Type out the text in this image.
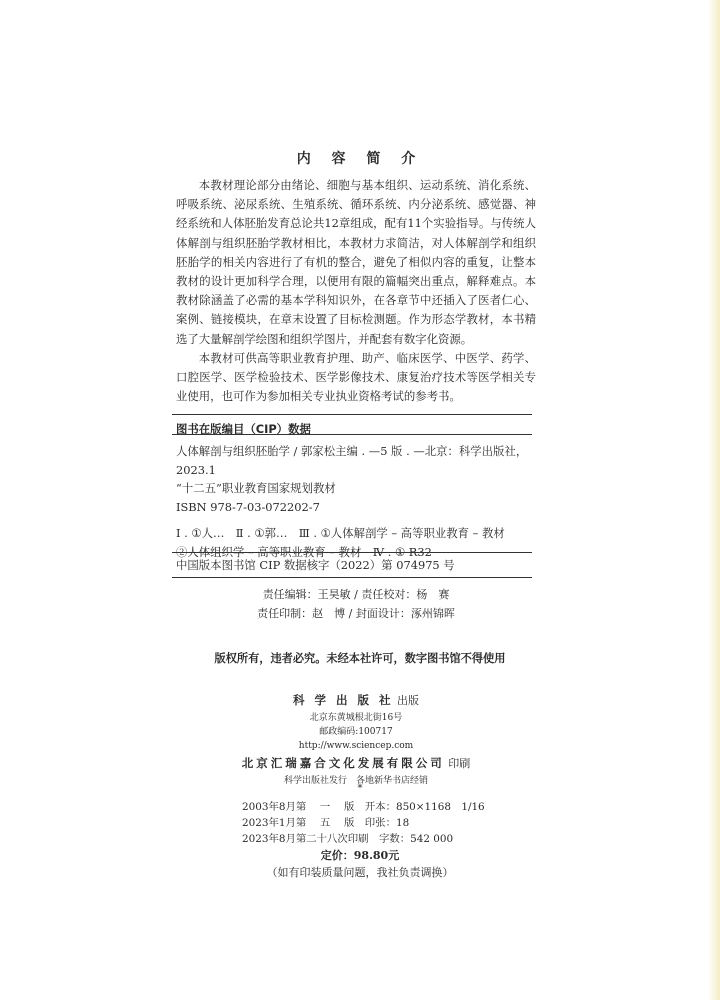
内 容 简 介

本教材理论部分由绪论、细胞与基本组织、运动系统、消化系统、呼吸系统、泌尿系统、生殖系统、循环系统、内分泌系统、感觉器、神经系统和人体胚胎发育总论共12章组成，配有11个实验指导。与传统人体解剖与组织胚胎学教材相比，本教材力求简洁，对人体解剖学和组织胚胎学的相关内容进行了有机的整合，避免了相似内容的重复，让整本教材的设计更加科学合理，以便用有限的篇幅突出重点，解释难点。本教材除涵盖了必需的基本学科知识外，在各章节中还插入了医者仁心、案例、链接模块，在章末设置了目标检测题。作为形态学教材，本书精选了大量解剖学绘图和组织学图片，并配套有数字化资源。

本教材可供高等职业教育护理、助产、临床医学、中医学、药学、口腔医学、医学检验技术、医学影像技术、康复治疗技术等医学相关专业使用，也可作为参加相关专业执业资格考试的参考书。

图书在版编目（CIP）数据
人体解剖与组织胚胎学 / 郭家松主编 . —5 版 . —北京：科学出版社，
2023.1
“十二五”职业教育国家规划教材
ISBN 978-7-03-072202-7
Ⅰ . ①人…　Ⅱ . ①郭…　Ⅲ . ①人体解剖学 – 高等职业教育 – 教材
②人体组织学 – 高等职业教育 – 教材　Ⅳ . ① R32
中国版本图书馆 CIP 数据核字（2022）第 074975 号
责任编辑：王昊敏 / 责任校对：杨　赛
责任印制：赵　博 / 封面设计：涿州锦晖
版权所有，违者必究。未经本社许可，数字图书馆不得使用
科 学 出 版 社 出版
北京东黄城根北街16号
邮政编码:100717
http://www.sciencep.com
北京汇瑞嘉合文化发展有限公司 印刷
科学出版社发行　各地新华书店经销
*
2003年8月第　 一　 版　开本：850×1168　1/16
2023年1月第　 五　 版　印张：18
2023年8月第二十八次印刷　字数：542 000
定价：98.80元
（如有印装质量问题，我社负责调换）
